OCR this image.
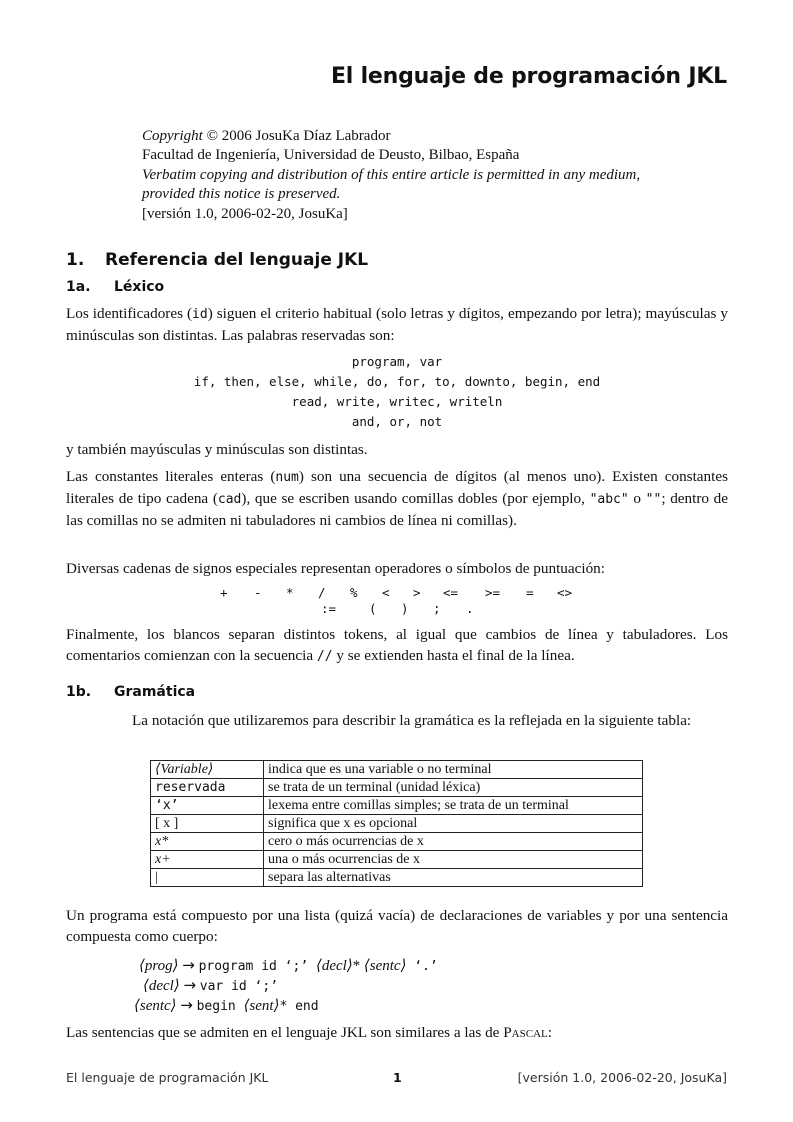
El lenguaje de programación JKL
Copyright © 2006 JosuKa Díaz Labrador
Facultad de Ingeniería, Universidad de Deusto, Bilbao, España
Verbatim copying and distribution of this entire article is permitted in any medium,
provided this notice is preserved.
[versión 1.0, 2006-02-20, JosuKa]
1. Referencia del lenguaje JKL
1a. Léxico
Los identificadores (id) siguen el criterio habitual (solo letras y dígitos, empezando por letra); mayúsculas y minúsculas son distintas. Las palabras reservadas son:
program, var
if, then, else, while, do, for, to, downto, begin, end
read, write, writec, writeln
and, or, not
y también mayúsculas y minúsculas son distintas.
Las constantes literales enteras (num) son una secuencia de dígitos (al menos uno). Existen constantes literales de tipo cadena (cad), que se escriben usando comillas dobles (por ejemplo, "abc" o ""; dentro de las comillas no se admiten ni tabuladores ni cambios de línea ni comillas).
Diversas cadenas de signos especiales representan operadores o símbolos de puntuación:
+ - * / % < > <= >= = <>
:=	( ) ; .
Finalmente, los blancos separan distintos tokens, al igual que cambios de línea y tabuladores. Los comentarios comienzan con la secuencia // y se extienden hasta el final de la línea.
1b. Gramática
La notación que utilizaremos para describir la gramática es la reflejada en la siguiente tabla:
⟨Variable⟩	indica que es una variable o no terminal
reservada	se trata de un terminal (unidad léxica)
‘x’	lexema entre comillas simples; se trata de un terminal
[ x ]	significa que x es opcional
x*	cero o más ocurrencias de x
x+	una o más ocurrencias de x
|	separa las alternativas
Un programa está compuesto por una lista (quizá vacía) de declaraciones de variables y por una sentencia compuesta como cuerpo:
⟨prog⟩ → program id ‘;’ ⟨decl⟩* ⟨sentc⟩ ‘.’
⟨decl⟩ → var id ‘;’
⟨sentc⟩ → begin ⟨sent⟩* end
Las sentencias que se admiten en el lenguaje JKL son similares a las de Pascal:
El lenguaje de programación JKL	1	[versión 1.0, 2006-02-20, JosuKa]
